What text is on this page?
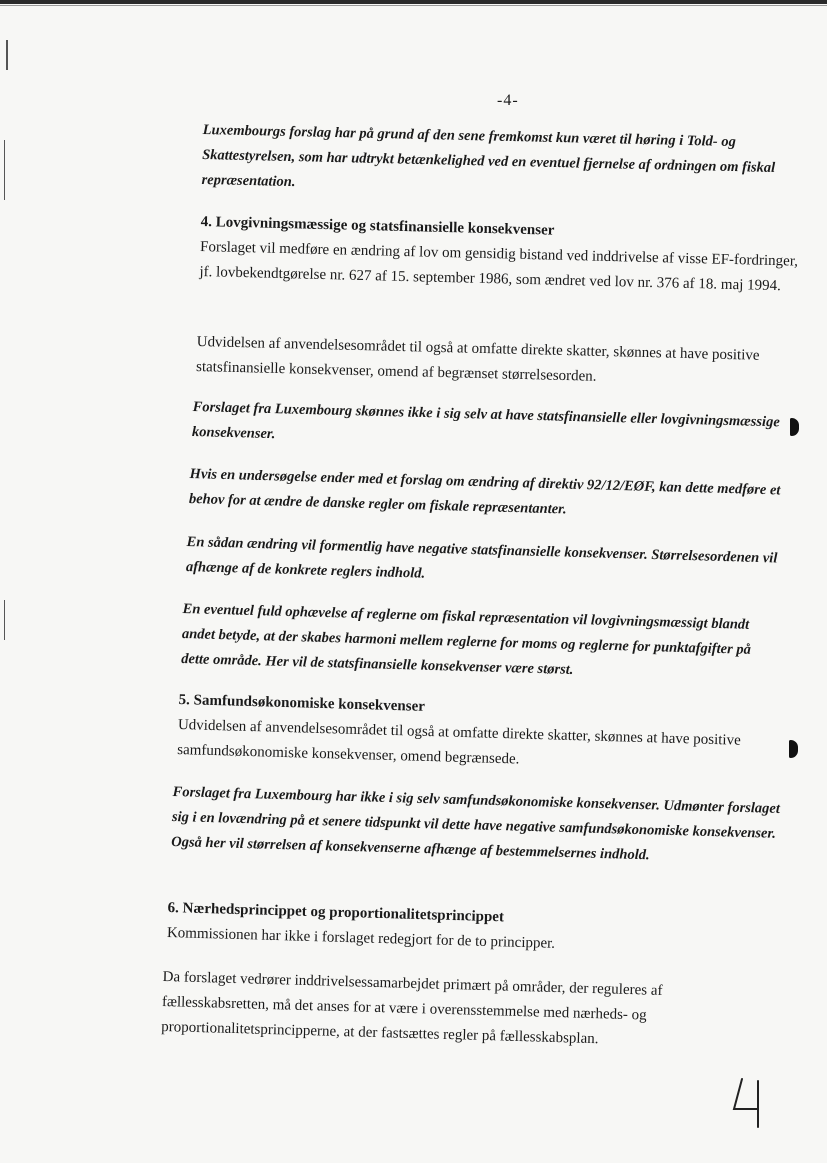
-4-

Luxembourgs forslag har på grund af den sene fremkomst kun været til høring i Told- og Skattestyrelsen, som har udtrykt betænkelighed ved en eventuel fjernelse af ordningen om fiskal repræsentation.

4. Lovgivningsmæssige og statsfinansielle konsekvenser
Forslaget vil medføre en ændring af lov om gensidig bistand ved inddrivelse af visse EF-fordringer, jf. lovbekendtgørelse nr. 627 af 15. september 1986, som ændret ved lov nr. 376 af 18. maj 1994.

Udvidelsen af anvendelsesområdet til også at omfatte direkte skatter, skønnes at have positive statsfinansielle konsekvenser, omend af begrænset størrelsesorden.

Forslaget fra Luxembourg skønnes ikke i sig selv at have statsfinansielle eller lovgivningsmæssige konsekvenser.

Hvis en undersøgelse ender med et forslag om ændring af direktiv 92/12/EØF, kan dette medføre et behov for at ændre de danske regler om fiskale repræsentanter.

En sådan ændring vil formentlig have negative statsfinansielle konsekvenser. Størrelsesordenen vil afhænge af de konkrete reglers indhold.

En eventuel fuld ophævelse af reglerne om fiskal repræsentation vil lovgivningsmæssigt blandt andet betyde, at der skabes harmoni mellem reglerne for moms og reglerne for punktafgifter på dette område. Her vil de statsfinansielle konsekvenser være størst.

5. Samfundsøkonomiske konsekvenser
Udvidelsen af anvendelsesområdet til også at omfatte direkte skatter, skønnes at have positive samfundsøkonomiske konsekvenser, omend begrænsede.

Forslaget fra Luxembourg har ikke i sig selv samfundsøkonomiske konsekvenser. Udmønter forslaget sig i en lovændring på et senere tidspunkt vil dette have negative samfundsøkonomiske konsekvenser. Også her vil størrelsen af konsekvenserne afhænge af bestemmelsernes indhold.

6. Nærhedsprincippet og proportionalitetsprincippet
Kommissionen har ikke i forslaget redegjort for de to principper.

Da forslaget vedrører inddrivelsessamarbejdet primært på områder, der reguleres af fællesskabsretten, må det anses for at være i overensstemmelse med nærheds- og proportionalitetsprincipperne, at der fastsættes regler på fællesskabsplan.
